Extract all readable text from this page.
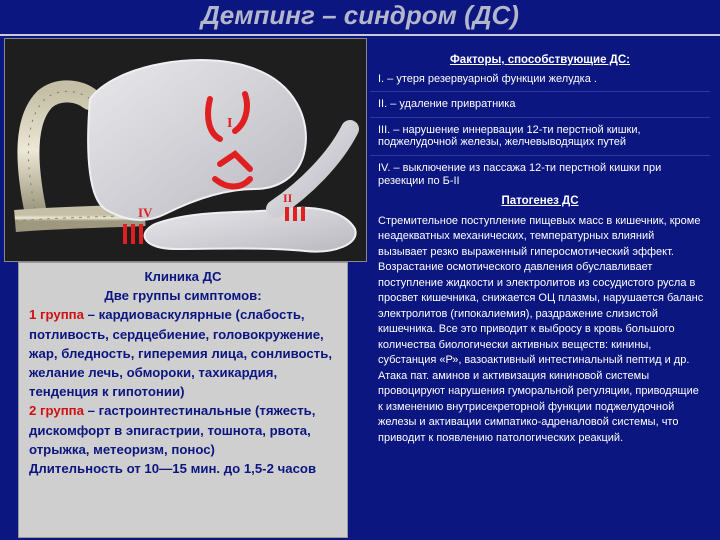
Демпинг – синдром (ДС)
I
IV
II
Клиника ДС
Две группы симптомов:
1 группа – кардиоваскулярные (слабость, потливость, сердцебиение, головокружение, жар, бледность, гиперемия лица, сонливость, желание лечь, обмороки, тахикардия, тенденция к гипотонии)
2 группа – гастроинтестинальные (тяжесть, дискомфорт в эпигастрии, тошнота, рвота, отрыжка, метеоризм, понос)
Длительность от 10—15 мин. до 1,5-2 часов
Факторы, способствующие ДС:
I. – утеря резервуарной функции желудка .
II. – удаление привратника
III. – нарушение иннервации 12-ти перстной кишки, поджелудочной железы, желчевыводящих путей
IV. – выключение из пассажа 12-ти перстной кишки при резекции по Б-II
Патогенез ДС
Стремительное поступление пищевых масс в кишечник, кроме неадекватных механических, температурных влияний вызывает резко выраженный гиперосмотический эффект. Возрастание осмотического давления обуславливает поступление жидкости и электролитов из сосудистого русла в просвет кишечника, снижается ОЦ плазмы, нарушается баланс электролитов (гипокалиемия), раздражение слизистой кишечника. Все это приводит к выбросу в кровь большого количества биологически активных веществ: кинины, субстанция «Р», вазоактивный интестинальный пептид и др. Атака пат. аминов и активизация кининовой системы провоцируют нарушения гуморальной регуляции, приводящие к изменению внутрисекреторной функции поджелудочной железы и активации симпатико-адреналовой системы, что приводит к появлению патологических реакций.
